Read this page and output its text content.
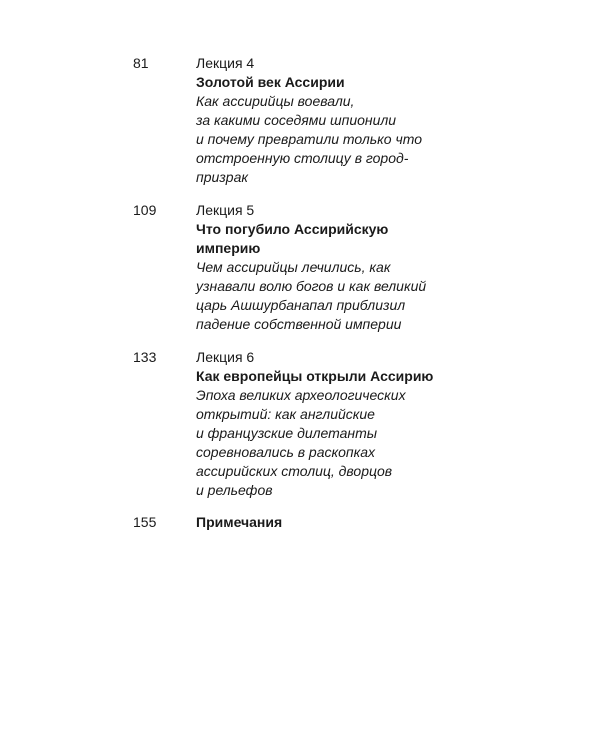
81	Лекция 4
Золотой век Ассирии
Как ассирийцы воевали,
за какими соседями шпионили
и почему превратили только что
отстроенную столицу в город-
призрак
109	Лекция 5
Что погубило Ассирийскую
империю
Чем ассирийцы лечились, как
узнавали волю богов и как великий
царь Ашшурбанапал приблизил
падение собственной империи
133	Лекция 6
Как европейцы открыли Ассирию
Эпоха великих археологических
открытий: как английские
и французские дилетанты
соревновались в раскопках
ассирийских столиц, дворцов
и рельефов
155	Примечания
